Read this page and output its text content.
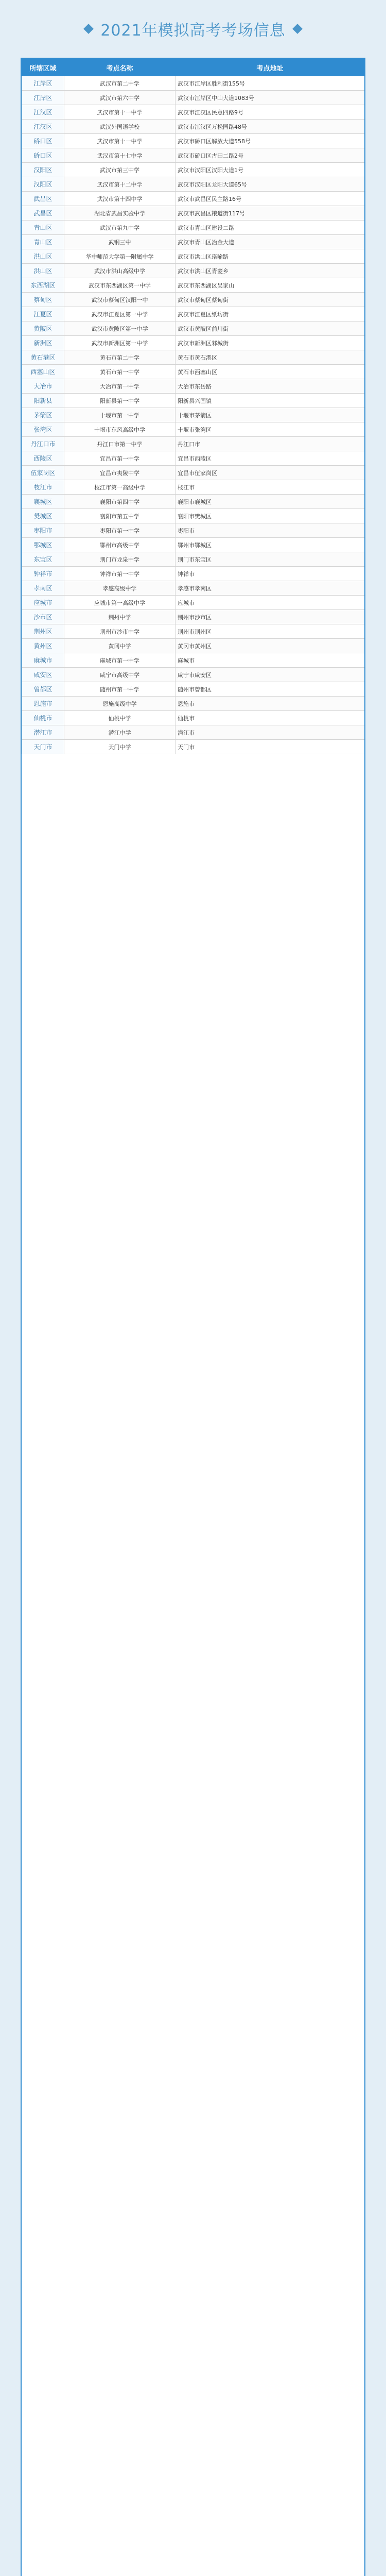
2021年模拟高考考场信息
所辖区域	考点名称	考点地址
江岸区	武汉市第二中学	武汉市江岸区胜利街155号
江岸区	武汉市第六中学	武汉市江岸区中山大道1083号
江汉区	武汉市第十一中学	武汉市江汉区民意四路9号
江汉区	武汉外国语学校	武汉市江汉区万松园路48号
硚口区	武汉市第十一中学	武汉市硚口区解放大道558号
硚口区	武汉市第十七中学	武汉市硚口区古田二路2号
汉阳区	武汉市第三中学	武汉市汉阳区汉阳大道1号
汉阳区	武汉市第十二中学	武汉市汉阳区龙阳大道65号
武昌区	武汉市第十四中学	武汉市武昌区民主路16号
武昌区	湖北省武昌实验中学	武汉市武昌区粮道街117号
青山区	武汉市第九中学	武汉市青山区建设二路
青山区	武钢三中	武汉市青山区冶金大道
洪山区	华中师范大学第一附属中学	武汉市洪山区珞喻路
洪山区	武汉市洪山高级中学	武汉市洪山区青菱乡
东西湖区	武汉市东西湖区第一中学	武汉市东西湖区吴家山
蔡甸区	武汉市蔡甸区汉阳一中	武汉市蔡甸区蔡甸街
江夏区	武汉市江夏区第一中学	武汉市江夏区纸坊街
黄陂区	武汉市黄陂区第一中学	武汉市黄陂区前川街
新洲区	武汉市新洲区第一中学	武汉市新洲区邾城街
黄石港区	黄石市第二中学	黄石市黄石港区
西塞山区	黄石市第一中学	黄石市西塞山区
大冶市	大冶市第一中学	大冶市东岳路
阳新县	阳新县第一中学	阳新县兴国镇
茅箭区	十堰市第一中学	十堰市茅箭区
张湾区	十堰市东风高级中学	十堰市张湾区
丹江口市	丹江口市第一中学	丹江口市
西陵区	宜昌市第一中学	宜昌市西陵区
伍家岗区	宜昌市夷陵中学	宜昌市伍家岗区
枝江市	枝江市第一高级中学	枝江市
襄城区	襄阳市第四中学	襄阳市襄城区
樊城区	襄阳市第五中学	襄阳市樊城区
枣阳市	枣阳市第一中学	枣阳市
鄂城区	鄂州市高级中学	鄂州市鄂城区
东宝区	荆门市龙泉中学	荆门市东宝区
钟祥市	钟祥市第一中学	钟祥市
孝南区	孝感高级中学	孝感市孝南区
应城市	应城市第一高级中学	应城市
沙市区	荆州中学	荆州市沙市区
荆州区	荆州市沙市中学	荆州市荆州区
黄州区	黄冈中学	黄冈市黄州区
麻城市	麻城市第一中学	麻城市
咸安区	咸宁市高级中学	咸宁市咸安区
曾都区	随州市第一中学	随州市曾都区
恩施市	恩施高级中学	恩施市
仙桃市	仙桃中学	仙桃市
潜江市	潜江中学	潜江市
天门市	天门中学	天门市
